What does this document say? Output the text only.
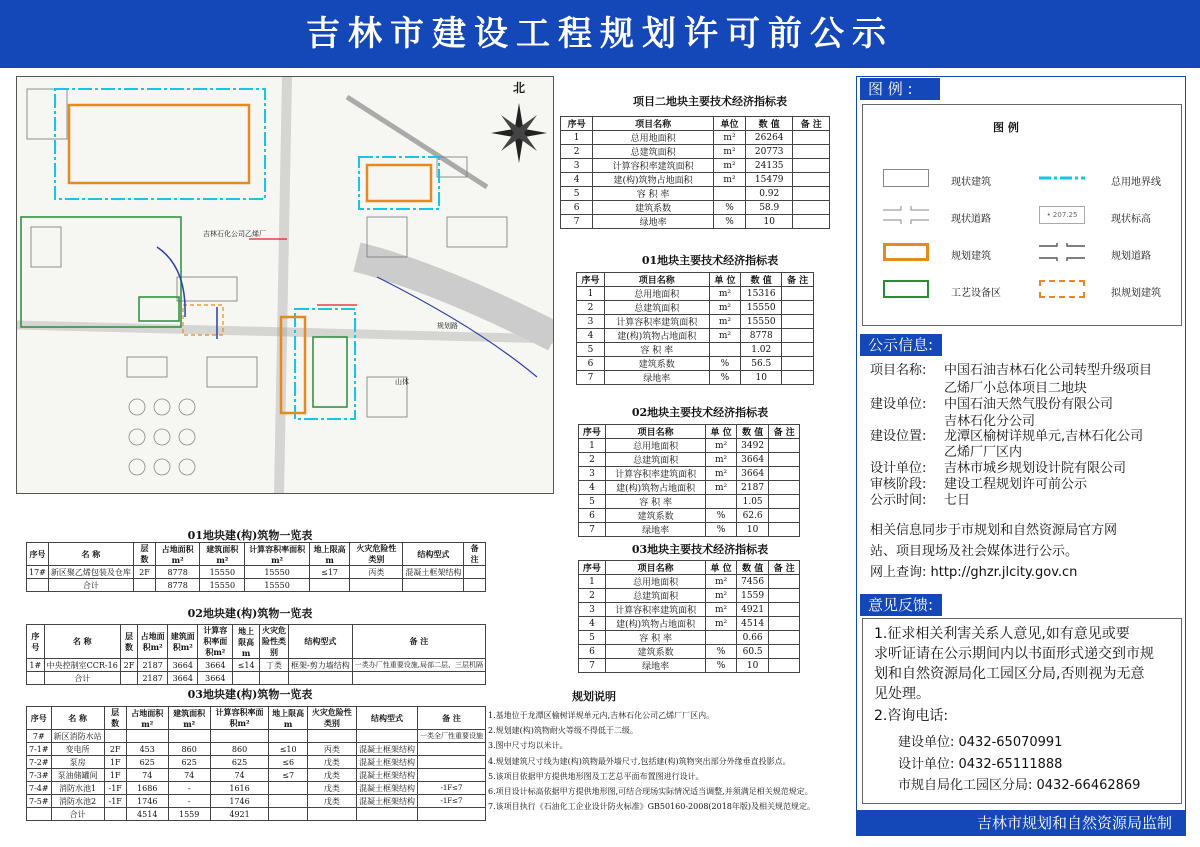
吉林市建设工程规划许可前公示
北
吉林石化公司乙烯厂
山体
规划路
项目二地块主要技术经济指标表
序号	项目名称	单位	数 值	备 注
1	总用地面积	m²	26264	
2	总建筑面积	m²	20773	
3	计算容积率建筑面积	m²	24135	
4	建(构)筑物占地面积	m²	15479	
5	容 积 率		0.92	
6	建筑系数	%	58.9	
7	绿地率	%	10	
01地块主要技术经济指标表
序号	项目名称	单 位	数 值	备 注
1	总用地面积	m²	15316	
2	总建筑面积	m²	15550	
3	计算容积率建筑面积	m²	15550	
4	建(构)筑物占地面积	m²	8778	
5	容 积 率		1.02	
6	建筑系数	%	56.5	
7	绿地率	%	10	
02地块主要技术经济指标表
序号	项目名称	单 位	数 值	备 注
1	总用地面积	m²	3492	
2	总建筑面积	m²	3664	
3	计算容积率建筑面积	m²	3664	
4	建(构)筑物占地面积	m²	2187	
5	容 积 率		1.05	
6	建筑系数	%	62.6	
7	绿地率	%	10	
03地块主要技术经济指标表
序号	项目名称	单 位	数 值	备 注
1	总用地面积	m²	7456	
2	总建筑面积	m²	1559	
3	计算容积率建筑面积	m²	4921	
4	建(构)筑物占地面积	m²	4514	
5	容 积 率		0.66	
6	建筑系数	%	60.5	
7	绿地率	%	10	
01地块建(构)筑物一览表
序号	名 称	层 数	占地面积m²	建筑面积m²	计算容积率面积m²	地上限高m	火灾危险性类别	结构型式	备 注
17#	新区聚乙烯包装及仓库	2F	8778	15550	15550	≤17	丙类	混凝土框架结构	
	合计		8778	15550	15550				
02地块建(构)筑物一览表
序号	名 称	层 数	占地面积m²	建筑面积m²	计算容积率面积m²	地上限高m	火灾危险性类别	结构型式	备 注
1#	中央控制室CCR-16	2F	2187	3664	3664	≤14	丁类	框架-剪力墙结构	一类办厂性重要设施,局部二层、三层机隔
	合计		2187	3664	3664				
03地块建(构)筑物一览表
序号	名 称	层 数	占地面积m²	建筑面积m²	计算容积率面积m²	地上限高m	火灾危险性类别	结构型式	备 注
7#	新区消防水站								一类全厂性重要设施
7-1#	变电所	2F	453	860	860	≤10	丙类	混凝土框架结构	
7-2#	泵房	1F	625	625	625	≤6	戊类	混凝土框架结构	
7-3#	泵油储罐间	1F	74	74	74	≤7	戊类	混凝土框架结构	
7-4#	消防水池1	-1F	1686	-	1616		戊类	混凝土框架结构	-1F≤7
7-5#	消防水池2	-1F	1746	-	1746		戊类	混凝土框架结构	-1F≤7
	合计		4514	1559	4921				
规划说明
1.基地位于龙潭区榆树详规单元内,吉林石化公司乙烯厂厂区内。
2.规划建(构)筑物耐火等级不得低于二级。
3.图中尺寸均以米计。
4.规划建筑尺寸线为建(构)筑物最外墙尺寸,包括建(构)筑物突出部分外缘垂直投影点。
5.该项目依据甲方提供地形图及工艺总平面布置图进行设计。
6.项目设计标高依据甲方提供地形图,可结合现场实际情况适当调整,并须满足相关规范规定。
7.该项目执行《石油化工企业设计防火标准》GB50160-2008(2018年版)及相关规范规定。
图 例 :
图 例
现状建筑	总用地界线
现状道路	• 207.25	现状标高
规划建筑	规划道路
工艺设备区	拟规划建筑
公示信息:
项目名称: 中国石油吉林石化公司转型升级项目
乙烯厂小总体项目二地块
建设单位: 中国石油天然气股份有限公司
吉林石化分公司
建设位置: 龙潭区榆树详规单元,吉林石化公司
乙烯厂厂区内
设计单位: 吉林市城乡规划设计院有限公司
审核阶段: 建设工程规划许可前公示
公示时间: 七日
相关信息同步于市规划和自然资源局官方网
站、项目现场及社会媒体进行公示。
网上查询: http://ghzr.jlcity.gov.cn
意见反馈:
1.征求相关利害关系人意见,如有意见或要
求听证请在公示期间内以书面形式递交到市规
划和自然资源局化工园区分局,否则视为无意
见处理。
2.咨询电话:
建设单位: 0432-65070991
设计单位: 0432-65111888
市规自局化工园区分局: 0432-66462869
吉林市规划和自然资源局监制
